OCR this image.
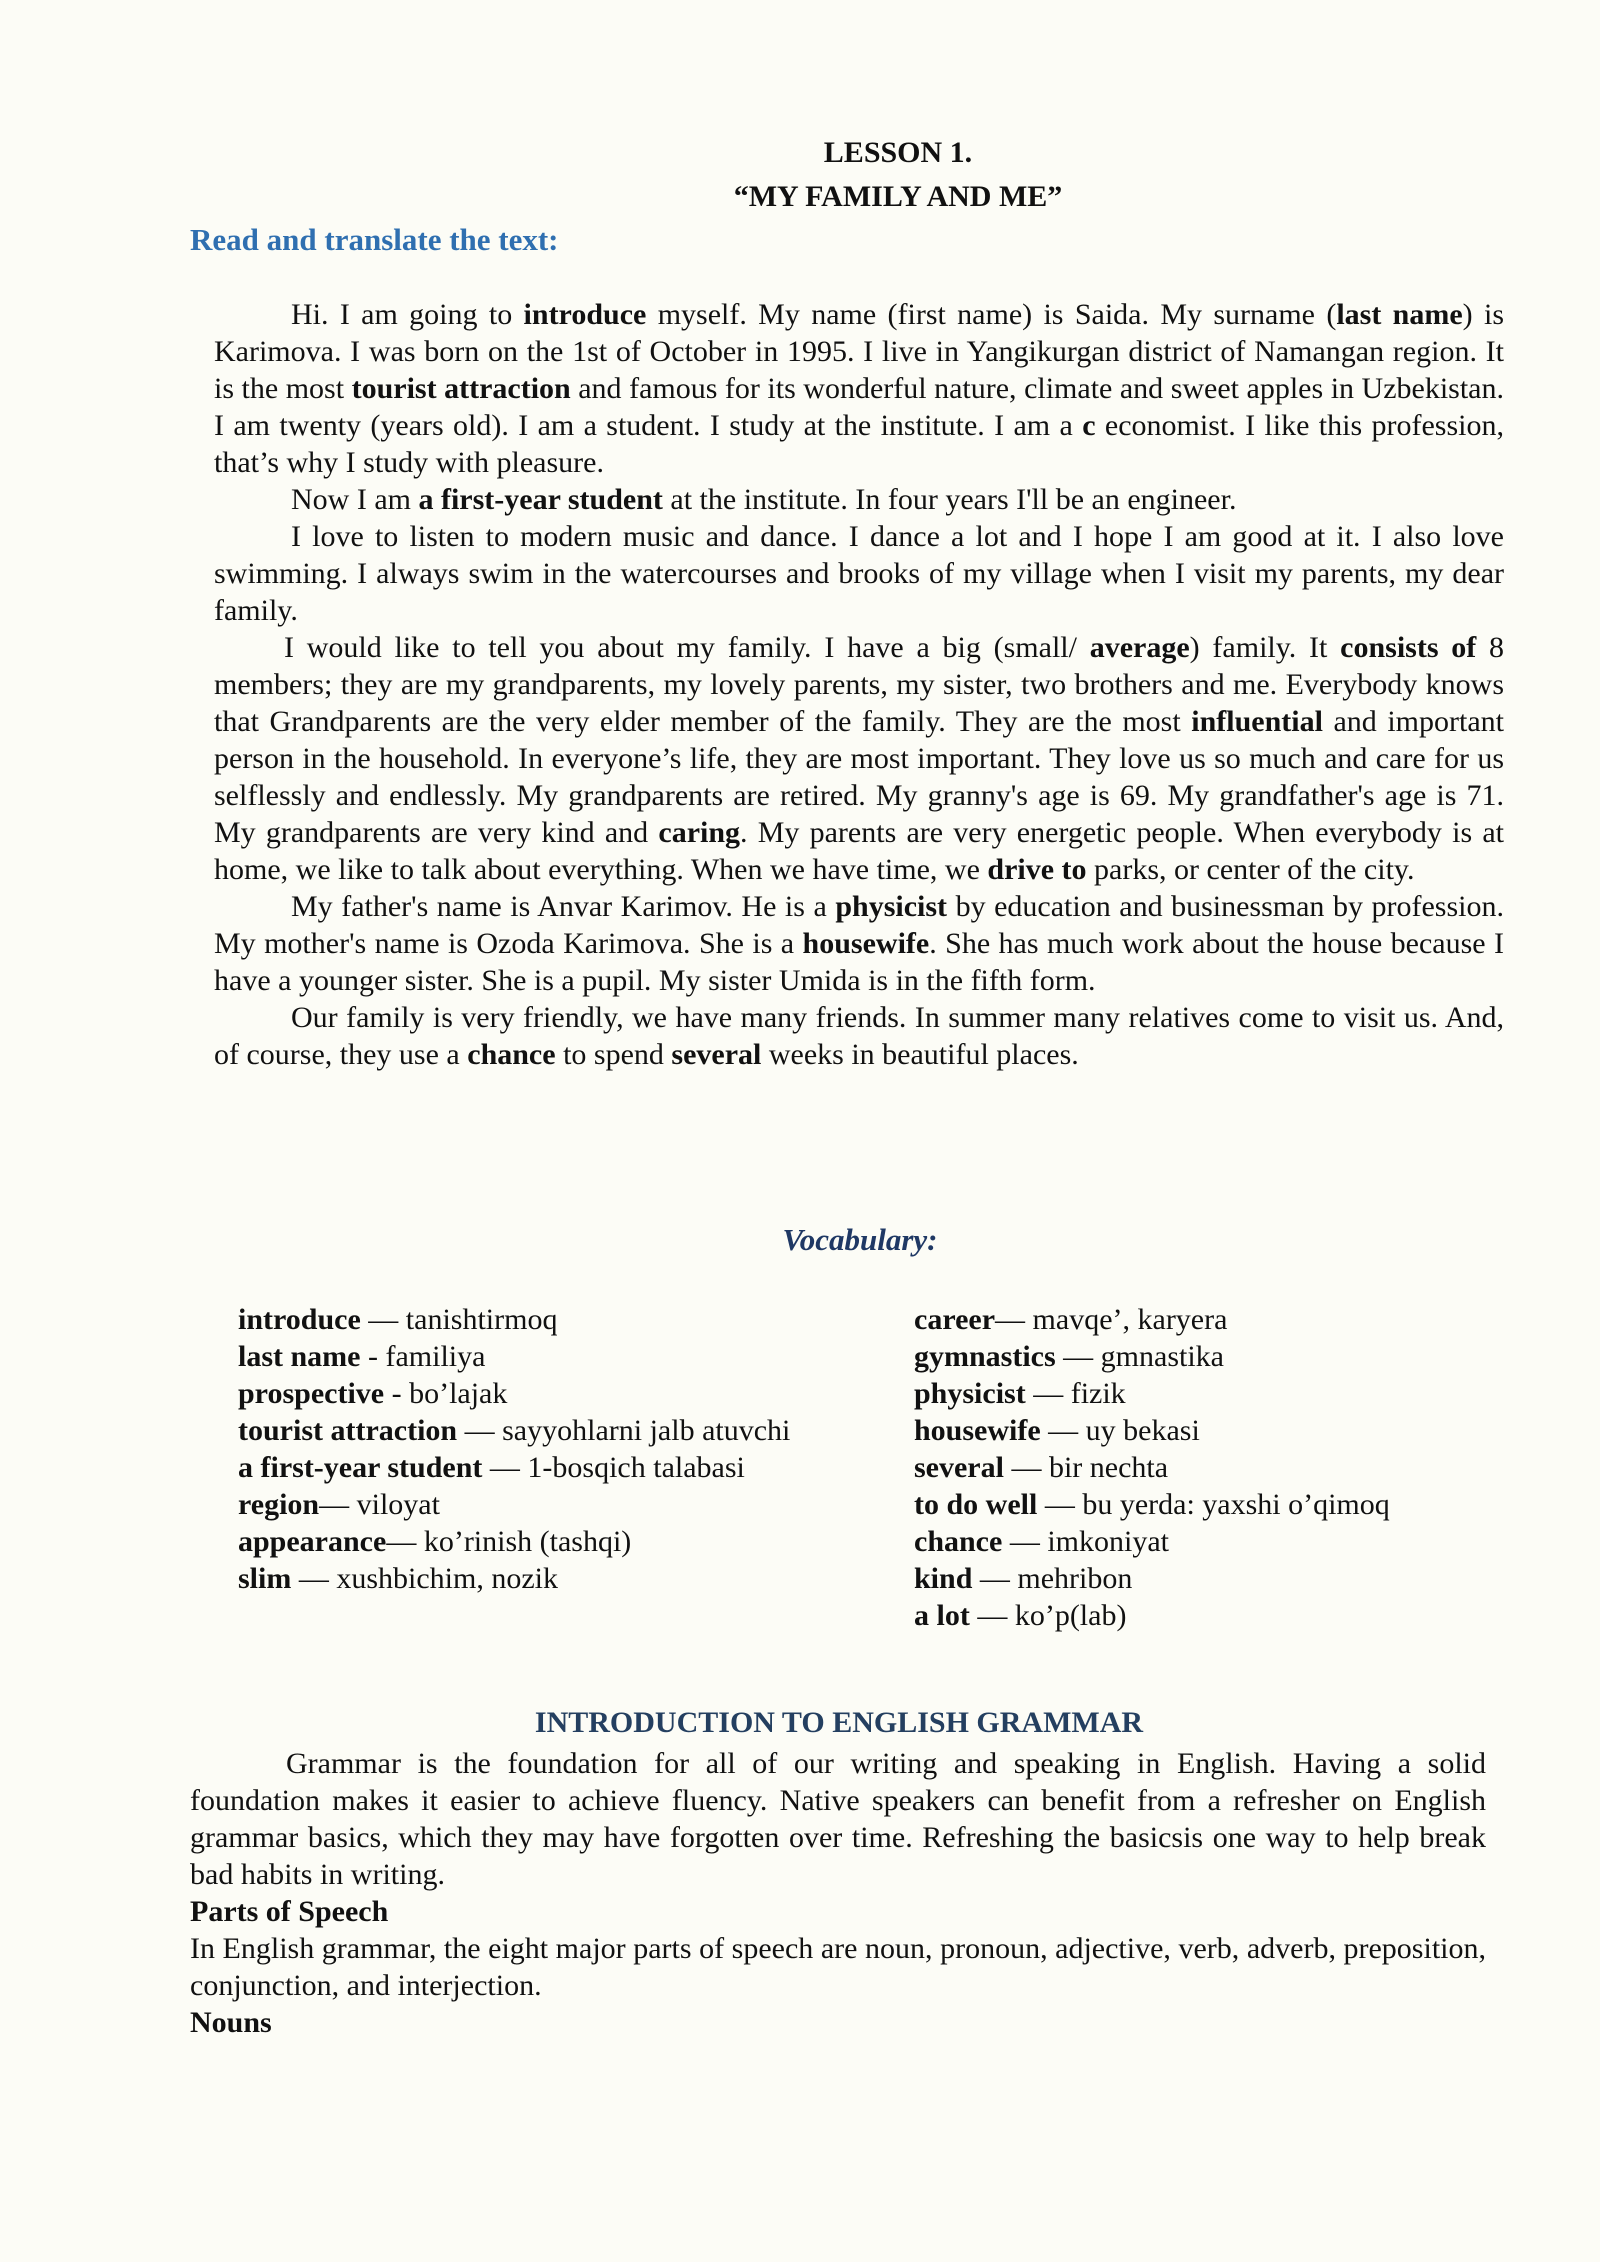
LESSON 1.
“MY FAMILY AND ME”
Read and translate the text:

Hi. I am going to introduce myself. My name (first name) is Saida. My surname (last name) is Karimova. I was born on the 1st of October in 1995. I live in Yangikurgan district of Namangan region. It is the most tourist attraction and famous for its wonderful nature, climate and sweet apples in Uzbekistan. I am twenty (years old). I am a student. I study at the institute. I am a c economist. I like this profession, that’s why I study with pleasure.

Now I am a first-year student at the institute. In four years I'll be an engineer.

I love to listen to modern music and dance. I dance a lot and I hope I am good at it. I also love swimming. I always swim in the watercourses and brooks of my village when I visit my parents, my dear family.

I would like to tell you about my family. I have a big (small/ average) family. It consists of 8 members; they are my grandparents, my lovely parents, my sister, two brothers and me. Everybody knows that Grandparents are the very elder member of the family. They are the most influential and important person in the household. In everyone’s life, they are most important. They love us so much and care for us selflessly and endlessly. My grandparents are retired. My granny's age is 69. My grandfather's age is 71. My grandparents are very kind and caring. My parents are very energetic people. When everybody is at home, we like to talk about everything. When we have time, we drive to parks, or center of the city.

My father's name is Anvar Karimov. He is a physicist by education and businessman by profession. My mother's name is Ozoda Karimova. She is a housewife. She has much work about the house because I have a younger sister. She is a pupil. My sister Umida is in the fifth form.

Our family is very friendly, we have many friends. In summer many relatives come to visit us. And, of course, they use a chance to spend several weeks in beautiful places.

Vocabulary:
introduce — tanishtirmoq
last name - familiya
prospective - bo’lajak
tourist attraction — sayyohlarni jalb atuvchi
a first-year student — 1-bosqich talabasi
region— viloyat
appearance— ko’rinish (tashqi)
slim — xushbichim, nozik
career— mavqe’, karyera
gymnastics — gmnastika
physicist — fizik
housewife — uy bekasi
several — bir nechta
to do well — bu yerda: yaxshi o’qimoq
chance — imkoniyat
kind — mehribon
a lot — ko’p(lab)
INTRODUCTION TO ENGLISH GRAMMAR

Grammar is the foundation for all of our writing and speaking in English. Having a solid foundation makes it easier to achieve fluency. Native speakers can benefit from a refresher on English grammar basics, which they may have forgotten over time. Refreshing the basicsis one way to help break bad habits in writing.

Parts of Speech

In English grammar, the eight major parts of speech are noun, pronoun, adjective, verb, adverb, preposition, conjunction, and interjection.

Nouns
